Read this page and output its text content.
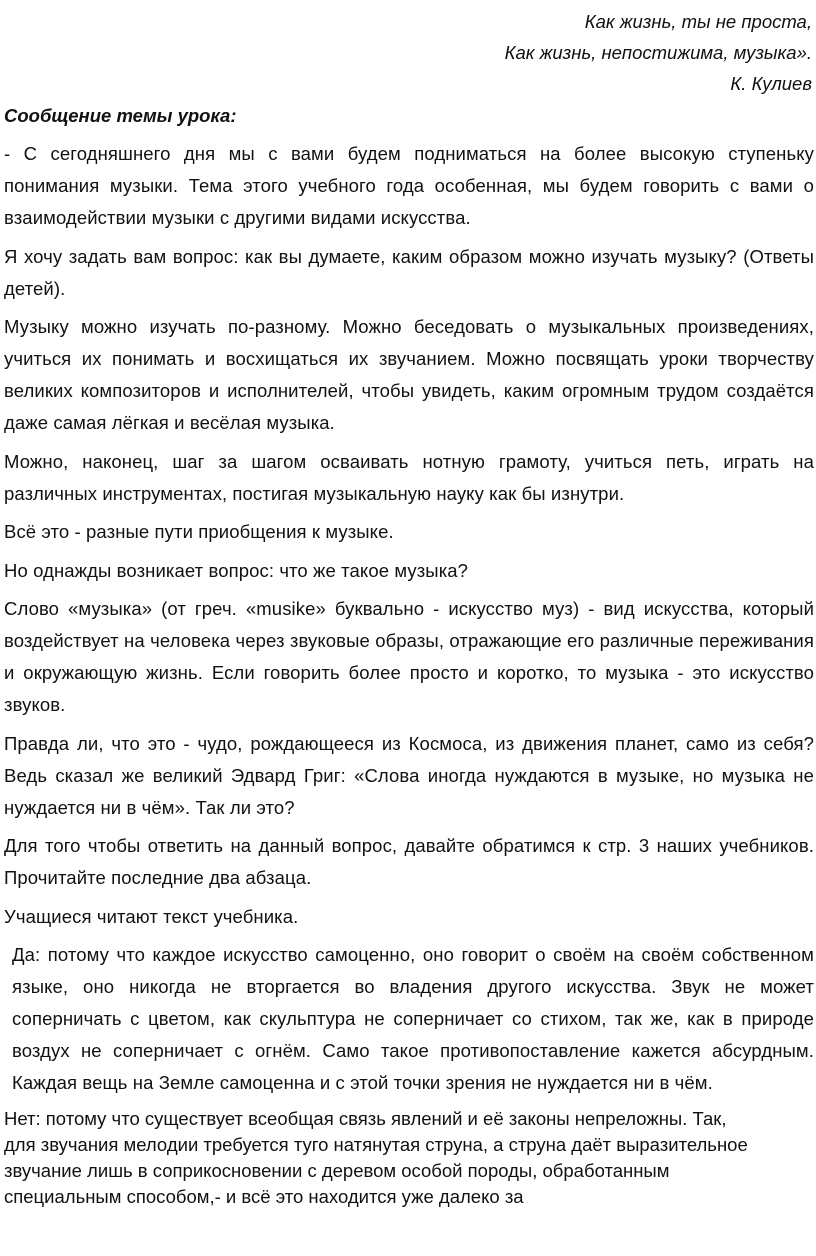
Как жизнь, ты не проста,
Как жизнь, непостижима, музыка».
К. Кулиев
Сообщение темы урока:

- С сегодняшнего дня мы с вами будем подниматься на более высокую ступеньку понимания музыки. Тема этого учебного года особенная, мы будем говорить с вами о взаимодействии музыки с другими видами искусства.

Я хочу задать вам вопрос: как вы думаете, каким образом можно изучать музыку? (Ответы детей).

Музыку можно изучать по-разному. Можно беседовать о музыкальных произведениях, учиться их понимать и восхищаться их звучанием. Можно посвящать уроки творчеству великих композиторов и исполнителей, чтобы увидеть, каким огромным трудом создаётся даже самая лёгкая и весёлая музыка.

Можно, наконец, шаг за шагом осваивать нотную грамоту, учиться петь, играть на различных инструментах, постигая музыкальную науку как бы изнутри.

Всё это - разные пути приобщения к музыке.

Но однажды возникает вопрос: что же такое музыка?

Слово «музыка» (от греч. «musike» буквально - искусство муз) - вид искусства, который воздействует на человека через звуковые образы, отражающие его различные переживания и окружающую жизнь. Если говорить более просто и коротко, то музыка - это искусство звуков.

Правда ли, что это - чудо, рождающееся из Космоса, из движения планет, само из себя? Ведь сказал же великий Эдвард Григ: «Слова иногда нуждаются в музыке, но музыка не нуждается ни в чём». Так ли это?

Для того чтобы ответить на данный вопрос, давайте обратимся к стр. 3 наших учебников. Прочитайте последние два абзаца.

Учащиеся читают текст учебника.

Да: потому что каждое искусство самоценно, оно говорит о своём на своём собственном языке, оно никогда не вторгается во владения другого искусства. Звук не может соперничать с цветом, как скульптура не соперничает со стихом, так же, как в природе воздух не соперничает с огнём. Само такое противопоставление кажется абсурдным. Каждая вещь на Земле самоценна и с этой точки зрения не нуждается ни в чём.

Нет: потому что существует всеобщая связь явлений и её законы непреложны. Так,
для звучания мелодии требуется туго натянутая струна, а струна даёт выразительное
звучание лишь в соприкосновении с деревом особой породы, обработанным
специальным способом,- и всё это находится уже далеко за
